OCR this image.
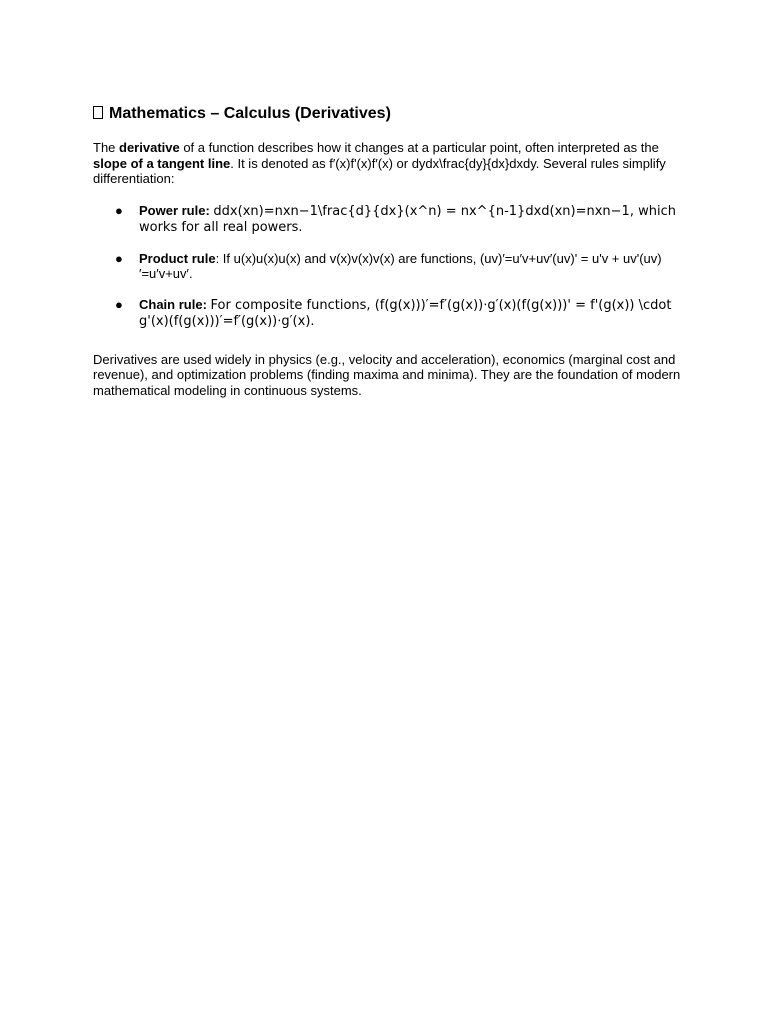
Mathematics – Calculus (Derivatives)

The derivative of a function describes how it changes at a particular point, often interpreted as the slope of a tangent line. It is denoted as f′(x)f'(x)f′(x) or dydx\frac{dy}{dx}dxdy. Several rules simplify differentiation:

● Power rule: ddx(xn)=nxn−1\frac{d}{dx}(x^n) = nx^{n-1}dxd(xn)=nxn−1, which works for all real powers.
● Product rule: If u(x)u(x)u(x) and v(x)v(x)v(x) are functions, (uv)′=u′v+uv′(uv)' = u'v + uv'(uv)′=u′v+uv′.
● Chain rule: For composite functions, (f(g(x)))′=f′(g(x))⋅g′(x)(f(g(x)))' = f'(g(x)) \cdot g'(x)(f(g(x)))′=f′(g(x))⋅g′(x).

Derivatives are used widely in physics (e.g., velocity and acceleration), economics (marginal cost and revenue), and optimization problems (finding maxima and minima). They are the foundation of modern mathematical modeling in continuous systems.
